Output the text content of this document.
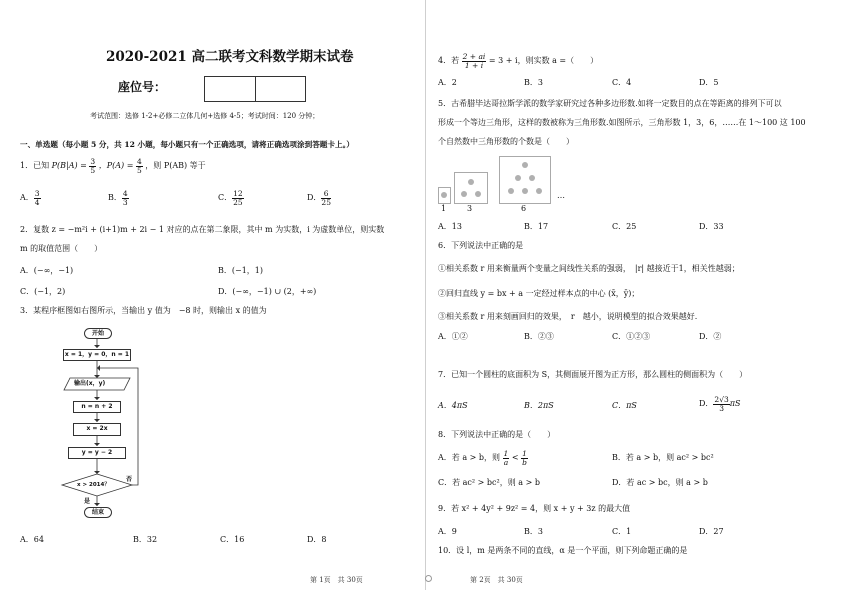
2020-2021 高二联考文科数学期末试卷
座位号：
考试范围：选修 1-2+必修二立体几何+选修 4-5；考试时间：120 分钟；
一、单选题（每小题 5 分，共 12 小题，每小题只有一个正确选项，请将正确选项涂到答题卡上。）
1．已知 $P(B|A) = \frac{3}{5}$ ，$P(A) = \frac{4}{5}$ ，则 P(AB) 等于
A． $\frac{3}{4}$	B． $\frac{4}{3}$	C． $\frac{12}{25}$	D． $\frac{6}{25}$
2．复数 z = −m²i + (i+1)m + 2i − 1 对应的点在第二象限，其中 m 为实数，i 为虚数单位，则实数
m 的取值范围（　　）
A．(−∞，−1)	B．(−1，1)
C．(−1，2)	D．(−∞，−1) ∪ (2，+∞)
3．某程序框图如右图所示，当输出 y 值为　−8 时，则输出 x 的值为
开始
x = 1，y = 0，n = 1
输出(x，y)
n = n + 2
x = 2x
y = y − 2
x > 2014？
否
是
结束
A．64	B．32	C．16	D．8
第 1页　共 30页
4．若 $\frac{2 + ai}{1 + i} = 3 + i$，则实数 a =（　　）
A．2	B．3	C．4	D．5
5．古希腊毕达哥拉斯学派的数学家研究过各种多边形数.如将一定数目的点在等距离的排列下可以
形成一个等边三角形，这样的数被称为三角形数.如图所示，三角形数 1，3，6，……在 1～100 这 100
个自然数中三角形数的个数是（　　）
1	3	6
…
A．13	B．17	C．25	D．33
6．下列说法中正确的是
①相关系数 r 用来衡量两个变量之间线性关系的强弱，　|r| 越接近于1，相关性越弱；
②回归直线 y = bx + a 一定经过样本点的中心 (x̄，ȳ)；
③相关系数 r 用来刻画回归的效果，　r　越小，说明模型的拟合效果越好.
A．①②	B．②③	C．①②③	D．②
7．已知一个圆柱的底面积为 S，其侧面展开图为正方形，那么圆柱的侧面积为（　　）
A．4πS	B．2πS	C．πS	D． $\frac{2√3}{3}$ πS
8．下列说法中正确的是（　　）
A．若 a > b，则 $\frac{1}{a} < \frac{1}{b}$	B．若 a > b，则 ac² > bc²
C．若 ac² > bc²，则 a > b	D．若 ac > bc，则 a > b
9．若 x² + 4y² + 9z² = 4，则 x + y + 3z 的最大值
A．9	B．3	C．1	D．27
10．设 l，m 是两条不同的直线，α 是一个平面，则下列命题正确的是
第 2页　共 30页
